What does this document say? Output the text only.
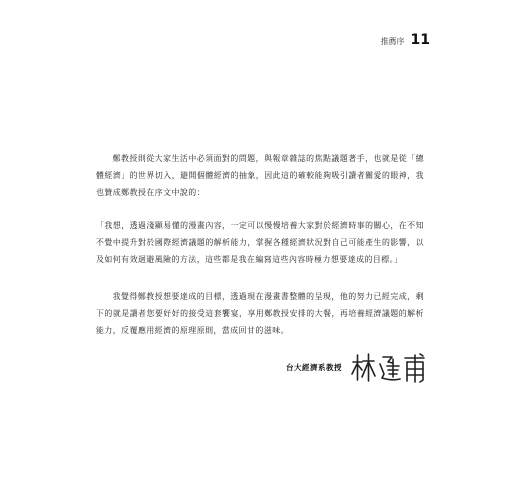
推薦序 11

鄭教授則從大家生活中必須面對的問題，與報章雜誌的焦點議題著手，也就是從「總體經濟」的世界切入，避開個體經濟的抽象，因此這的確較能夠吸引讀者關愛的眼神，我也贊成鄭教授在序文中說的：

「我想，透過淺顯易懂的漫畫內容，一定可以慢慢培養大家對於經濟時事的關心，在不知不覺中提升對於國際經濟議題的解析能力，掌握各種經濟狀況對自己可能產生的影響，以及如何有效迴避風險的方法，這些都是我在編寫這些內容時極力想要達成的目標。」

我覺得鄭教授想要達成的目標，透過現在漫畫書整體的呈現，他的努力已經完成，剩下的就是讀者您要好好的接受這套饗宴，享用鄭教授安排的大餐，再培養經濟議題的解析能力，反覆應用經濟的原理原則，當成回甘的滋味。

台大經濟系教授
